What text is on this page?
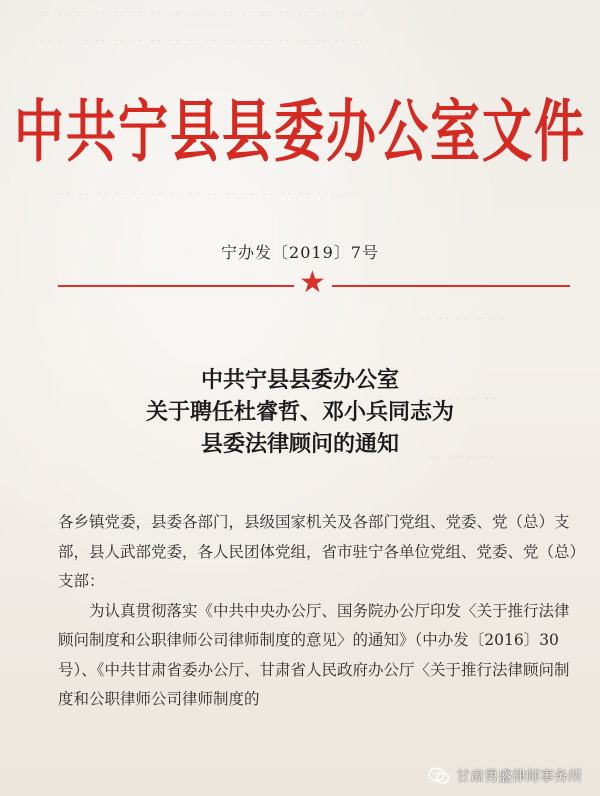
·· ·· ·· ·· ·· ·· ·· ·· ·· ·· ·· ·· ·· ·· ·· ·· ·· ··
·· ·· ·· ·· ·· ·· ·· ·· ·· ·· ·· ·· ·· ·· ·· ·· ·· ··
·· ·· ·· ·· ·· ·· ·· ·· ·· ·· ·· ·· ·· ·· ·· ·· ··
·· ·· ·· ·· ··
·· ·· ·· ··
·· ·· ·· ··
中共宁县县委办公室文件
宁办发〔2019〕7号
★
中共宁县县委办公室
关于聘任杜睿哲、邓小兵同志为
县委法律顾问的通知

各乡镇党委，县委各部门，县级国家机关及各部门党组、党委、党（总）支部，县人武部党委，各人民团体党组，省市驻宁各单位党组、党委、党（总）支部：

为认真贯彻落实《中共中央办公厅、国务院办公厅印发〈关于推行法律顾问制度和公职律师公司律师制度的意见〉的通知》（中办发〔2016〕30号）、《中共甘肃省委办公厅、甘肃省人民政府办公厅〈关于推行法律顾问制度和公职律师公司律师制度的

甘肃勇盛律师事务所
